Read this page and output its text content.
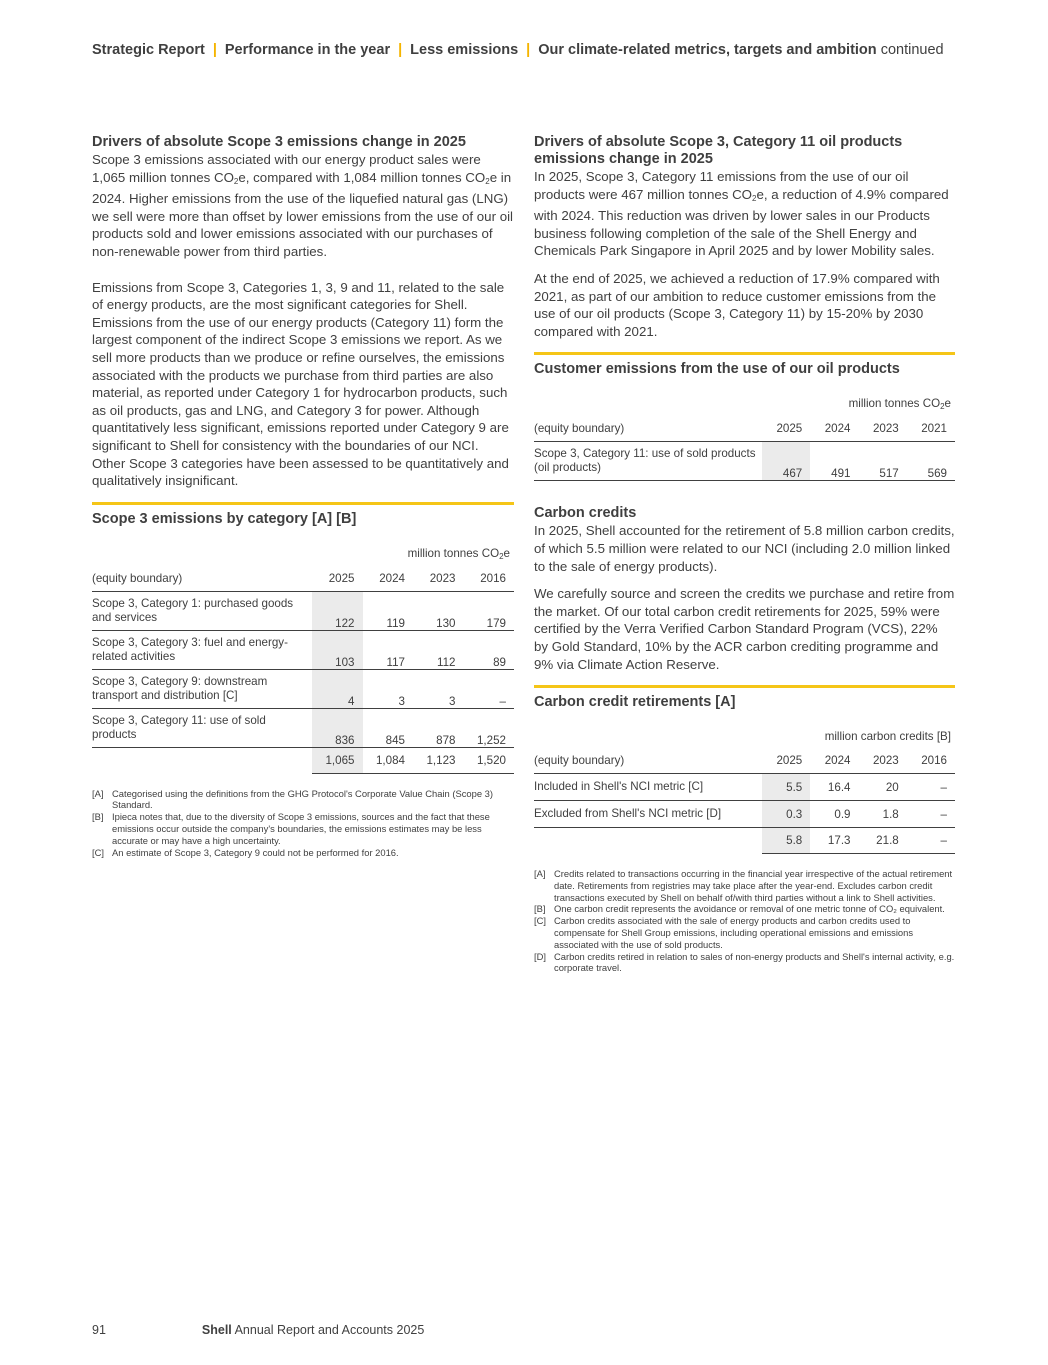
Strategic Report | Performance in the year | Less emissions | Our climate-related metrics, targets and ambition continued
Drivers of absolute Scope 3 emissions change in 2025

Scope 3 emissions associated with our energy product sales were 1,065 million tonnes $CO_2e$, compared with 1,084 million tonnes $CO_2e$ in 2024. Higher emissions from the use of the liquefied natural gas (LNG) we sell were more than offset by lower emissions from the use of our oil products sold and lower emissions associated with our purchases of non-renewable power from third parties.

Emissions from Scope 3, Categories 1, 3, 9 and 11, related to the sale of energy products, are the most significant categories for Shell. Emissions from the use of our energy products (Category 11) form the largest component of the indirect Scope 3 emissions we report. As we sell more products than we produce or refine ourselves, the emissions associated with the products we purchase from third parties are also material, as reported under Category 1 for hydrocarbon products, such as oil products, gas and LNG, and Category 3 for power. Although quantitatively less significant, emissions reported under Category 9 are significant to Shell for consistency with the boundaries of our NCI. Other Scope 3 categories have been assessed to be quantitatively and qualitatively insignificant.

Scope 3 emissions by category [A] [B]
million tonnes $CO_2e$
(equity boundary)	2025	2024	2023	2016
Scope 3, Category 1: purchased goods and services	122	119	130	179
Scope 3, Category 3: fuel and energy-related activities	103	117	112	89
Scope 3, Category 9: downstream transport and distribution [C]	4	3	3	–
Scope 3, Category 11: use of sold products	836	845	878	1,252
	1,065	1,084	1,123	1,520
[A] Categorised using the definitions from the GHG Protocol's Corporate Value Chain (Scope 3) Standard.
[B] Ipieca notes that, due to the diversity of Scope 3 emissions, sources and the fact that these emissions occur outside the company's boundaries, the emissions estimates may be less accurate or may have a high uncertainty.
[C] An estimate of Scope 3, Category 9 could not be performed for 2016.
Drivers of absolute Scope 3, Category 11 oil products emissions change in 2025

In 2025, Scope 3, Category 11 emissions from the use of our oil products were 467 million tonnes $CO_2e$, a reduction of 4.9% compared with 2024. This reduction was driven by lower sales in our Products business following completion of the sale of the Shell Energy and Chemicals Park Singapore in April 2025 and by lower Mobility sales.

At the end of 2025, we achieved a reduction of 17.9% compared with 2021, as part of our ambition to reduce customer emissions from the use of our oil products (Scope 3, Category 11) by 15-20% by 2030 compared with 2021.

Customer emissions from the use of our oil products
million tonnes $CO_2e$
(equity boundary)	2025	2024	2023	2021
Scope 3, Category 11: use of sold products (oil products)	467	491	517	569
Carbon credits

In 2025, Shell accounted for the retirement of 5.8 million carbon credits, of which 5.5 million were related to our NCI (including 2.0 million linked to the sale of energy products).

We carefully source and screen the credits we purchase and retire from the market. Of our total carbon credit retirements for 2025, 59% were certified by the Verra Verified Carbon Standard Program (VCS), 22% by Gold Standard, 10% by the ACR carbon crediting programme and 9% via Climate Action Reserve.

Carbon credit retirements [A]
million carbon credits [B]
(equity boundary)	2025	2024	2023	2016
Included in Shell's NCI metric [C]	5.5	16.4	20	–
Excluded from Shell's NCI metric [D]	0.3	0.9	1.8	–
	5.8	17.3	21.8	–
[A] Credits related to transactions occurring in the financial year irrespective of the actual retirement date. Retirements from registries may take place after the year-end. Excludes carbon credit transactions executed by Shell on behalf of/with third parties without a link to Shell activities.
[B] One carbon credit represents the avoidance or removal of one metric tonne of CO₂ equivalent.
[C] Carbon credits associated with the sale of energy products and carbon credits used to compensate for Shell Group emissions, including operational emissions and emissions associated with the use of sold products.
[D] Carbon credits retired in relation to sales of non-energy products and Shell's internal activity, e.g. corporate travel.
91	Shell Annual Report and Accounts 2025
